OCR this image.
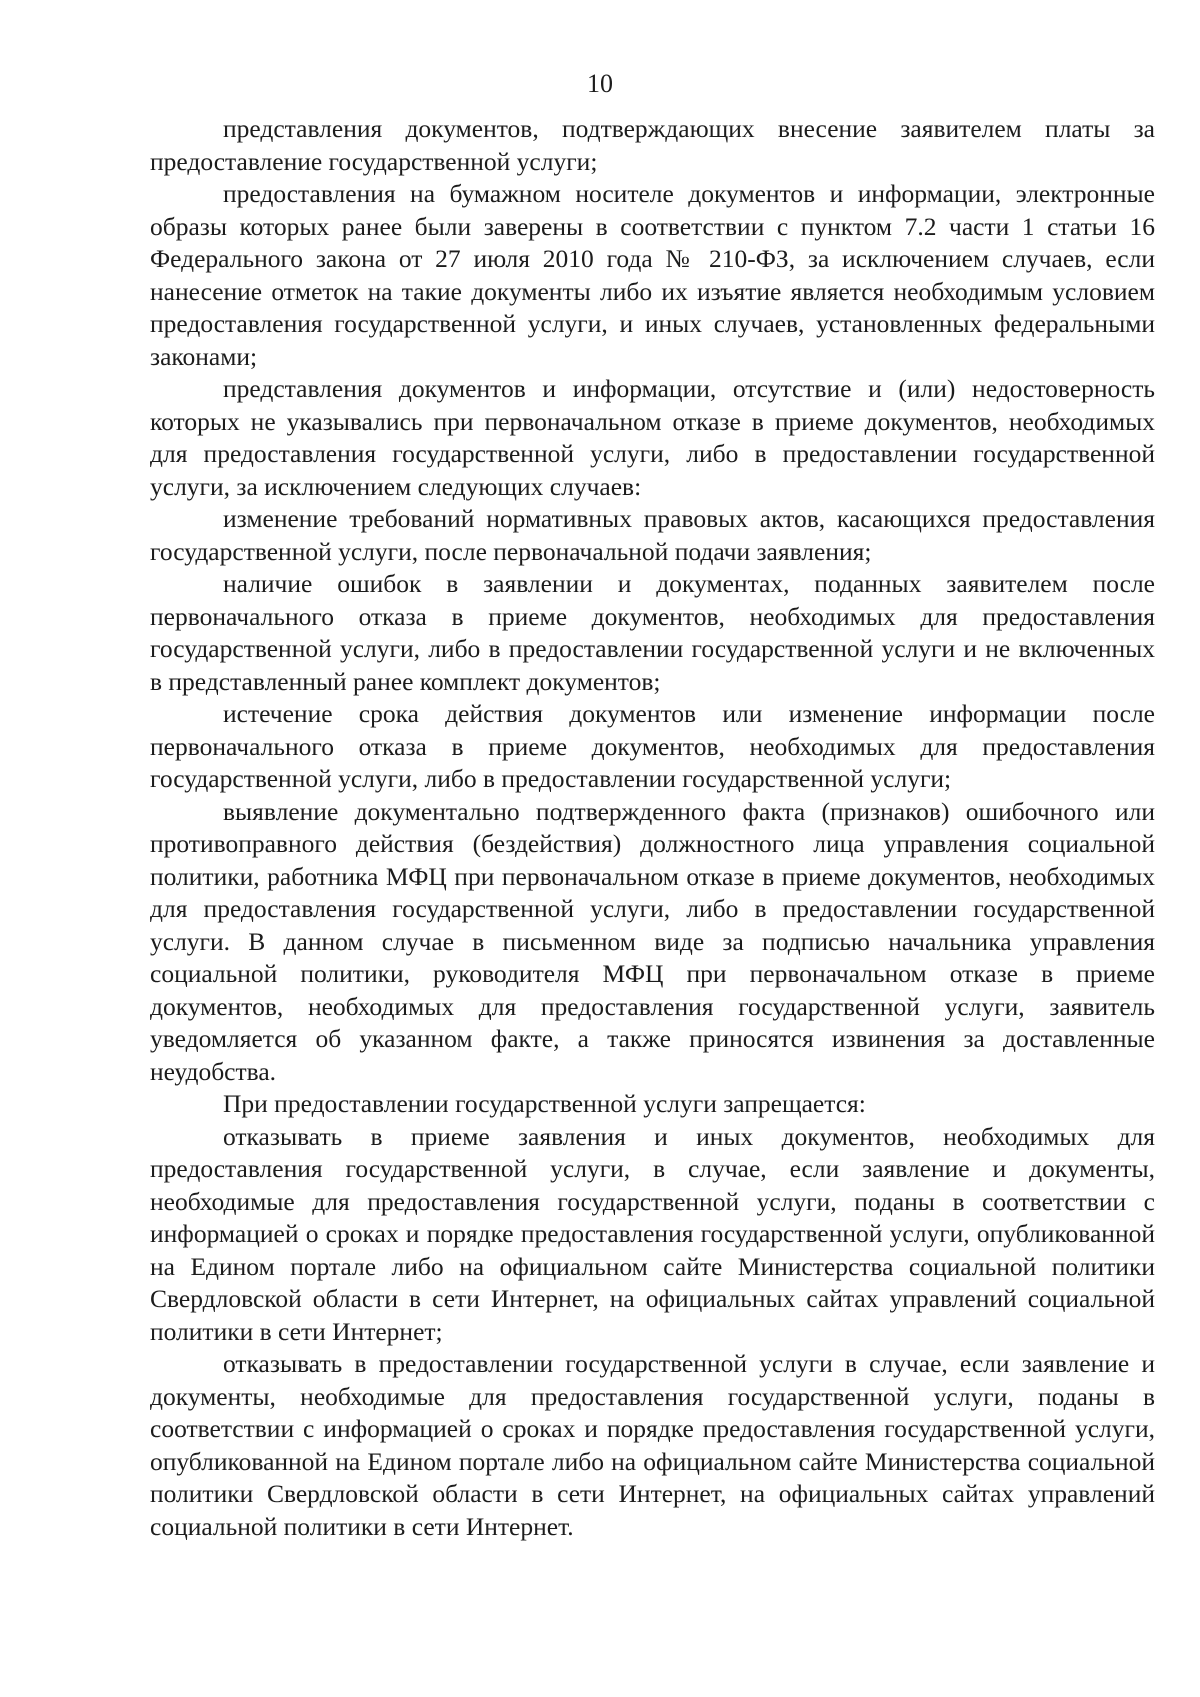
10

представления документов, подтверждающих внесение заявителем платы за предоставление государственной услуги;

предоставления на бумажном носителе документов и информации, электронные образы которых ранее были заверены в соответствии с пунктом 7.2 части 1 статьи 16 Федерального закона от 27 июля 2010 года № 210-ФЗ, за исключением случаев, если нанесение отметок на такие документы либо их изъятие является необходимым условием предоставления государственной услуги, и иных случаев, установленных федеральными законами;

представления документов и информации, отсутствие и (или) недостоверность которых не указывались при первоначальном отказе в приеме документов, необходимых для предоставления государственной услуги, либо в предоставлении государственной услуги, за исключением следующих случаев:

изменение требований нормативных правовых актов, касающихся предоставления государственной услуги, после первоначальной подачи заявления;

наличие ошибок в заявлении и документах, поданных заявителем после первоначального отказа в приеме документов, необходимых для предоставления государственной услуги, либо в предоставлении государственной услуги и не включенных в представленный ранее комплект документов;

истечение срока действия документов или изменение информации после первоначального отказа в приеме документов, необходимых для предоставления государственной услуги, либо в предоставлении государственной услуги;

выявление документально подтвержденного факта (признаков) ошибочного или противоправного действия (бездействия) должностного лица управления социальной политики, работника МФЦ при первоначальном отказе в приеме документов, необходимых для предоставления государственной услуги, либо в предоставлении государственной услуги. В данном случае в письменном виде за подписью начальника управления социальной политики, руководителя МФЦ при первоначальном отказе в приеме документов, необходимых для предоставления государственной услуги, заявитель уведомляется об указанном факте, а также приносятся извинения за доставленные неудобства.

При предоставлении государственной услуги запрещается:

отказывать в приеме заявления и иных документов, необходимых для предоставления государственной услуги, в случае, если заявление и документы, необходимые для предоставления государственной услуги, поданы в соответствии с информацией о сроках и порядке предоставления государственной услуги, опубликованной на Едином портале либо на официальном сайте Министерства социальной политики Свердловской области в сети Интернет, на официальных сайтах управлений социальной политики в сети Интернет;

отказывать в предоставлении государственной услуги в случае, если заявление и документы, необходимые для предоставления государственной услуги, поданы в соответствии с информацией о сроках и порядке предоставления государственной услуги, опубликованной на Едином портале либо на официальном сайте Министерства социальной политики Свердловской области в сети Интернет, на официальных сайтах управлений социальной политики в сети Интернет.
